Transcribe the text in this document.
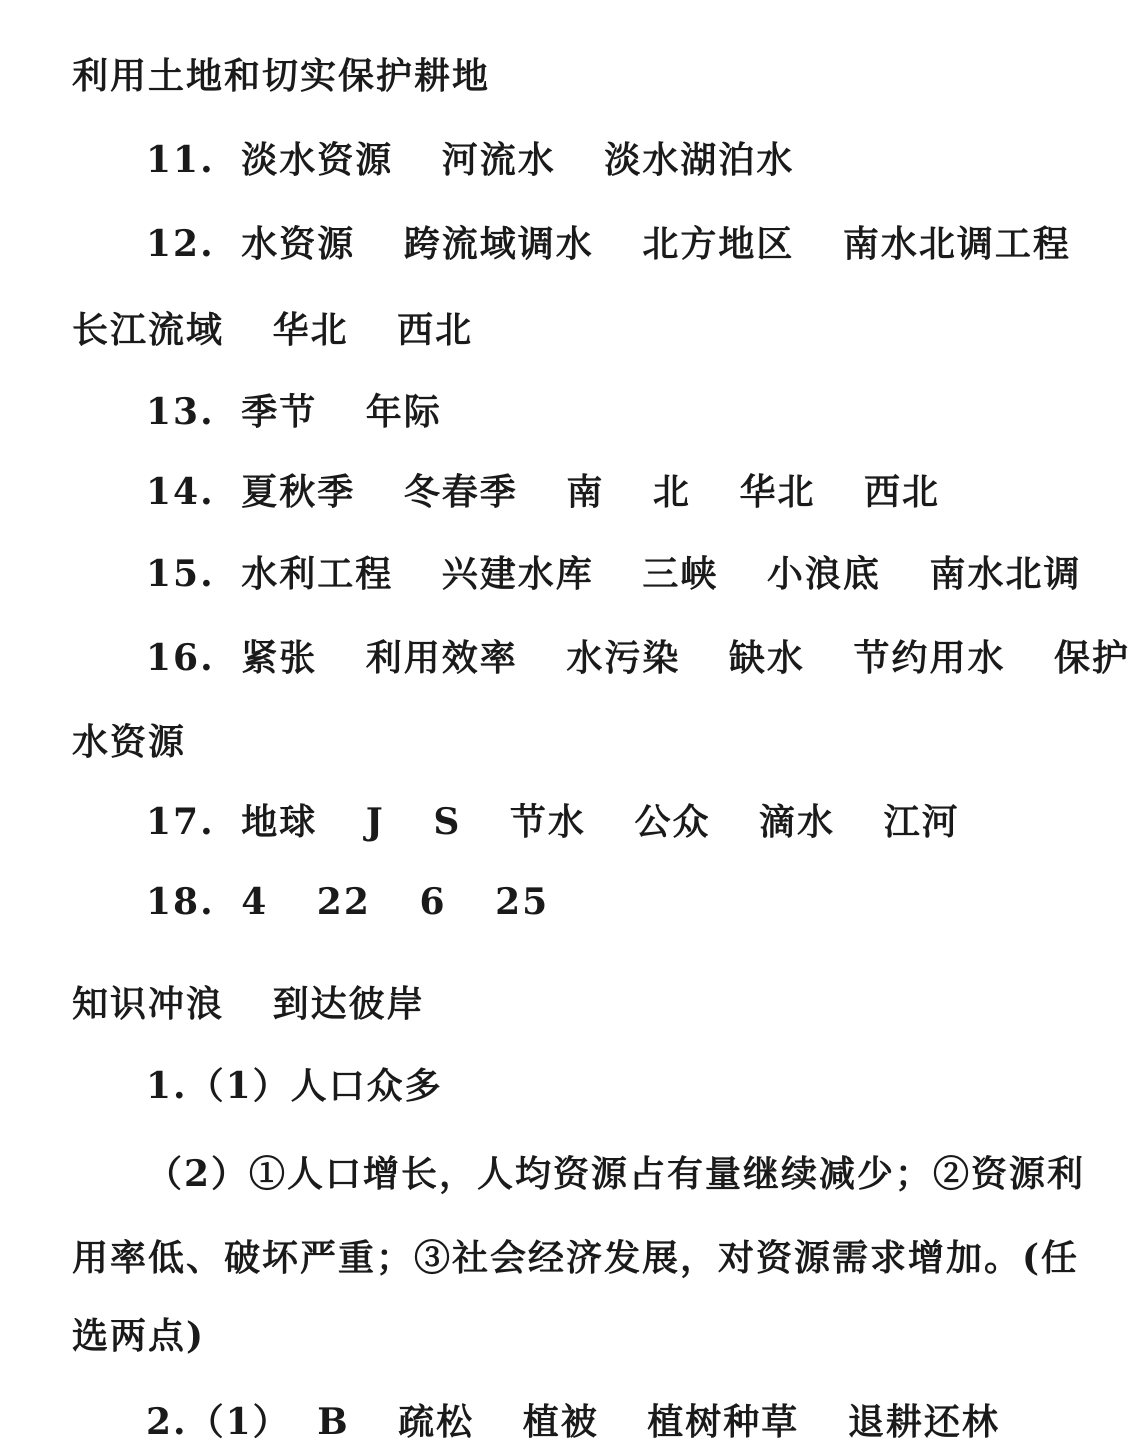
利用土地和切实保护耕地
11. 淡水资源 河流水 淡水湖泊水
12. 水资源 跨流域调水 北方地区 南水北调工程
长江流域 华北 西北
13. 季节 年际
14. 夏秋季 冬春季 南 北 华北 西北
15. 水利工程 兴建水库 三峡 小浪底 南水北调
16. 紧张 利用效率 水污染 缺水 节约用水 保护
水资源
17. 地球 J S 节水 公众 滴水 江河
18. 4 22 6 25
知识冲浪 到达彼岸
1.（1）人口众多
（2）①人口增长，人均资源占有量继续减少；②资源利
用率低、破坏严重；③社会经济发展，对资源需求增加。(任
选两点)
2.（1） B 疏松 植被 植树种草 退耕还林
